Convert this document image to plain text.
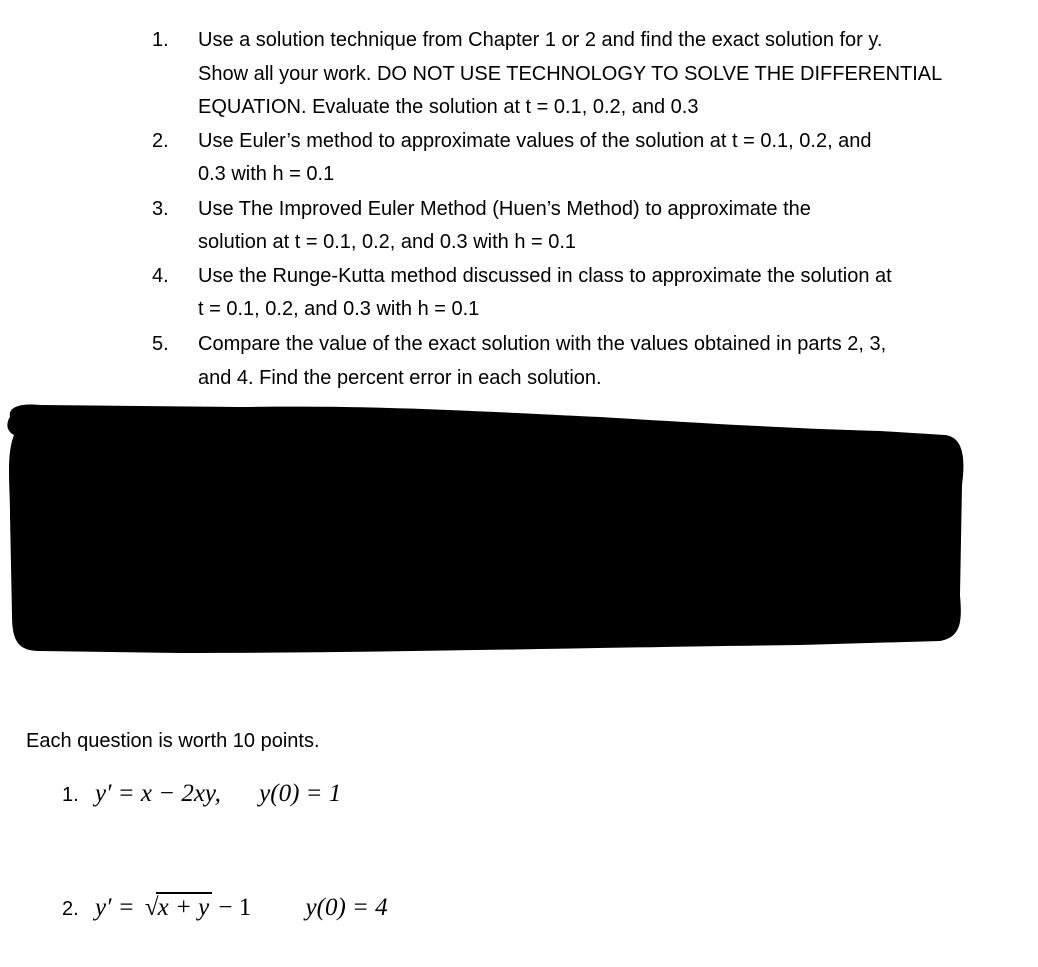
1. Use a solution technique from Chapter 1 or 2 and find the exact solution for y.
Show all your work. DO NOT USE TECHNOLOGY TO SOLVE THE DIFFERENTIAL
EQUATION. Evaluate the solution at t = 0.1, 0.2, and 0.3
2. Use Euler’s method to approximate values of the solution at t = 0.1, 0.2, and
0.3 with h = 0.1
3. Use The Improved Euler Method (Huen’s Method) to approximate the
solution at t = 0.1, 0.2, and 0.3 with h = 0.1
4. Use the Runge-Kutta method discussed in class to approximate the solution at
t = 0.1, 0.2, and 0.3 with h = 0.1
5. Compare the value of the exact solution with the values obtained in parts 2, 3,
and 4. Find the percent error in each solution.
Each question is worth 10 points.
1. y′ = x − 2xy, y(0) = 1
2. y′ = √x + y − 1 y(0) = 4
